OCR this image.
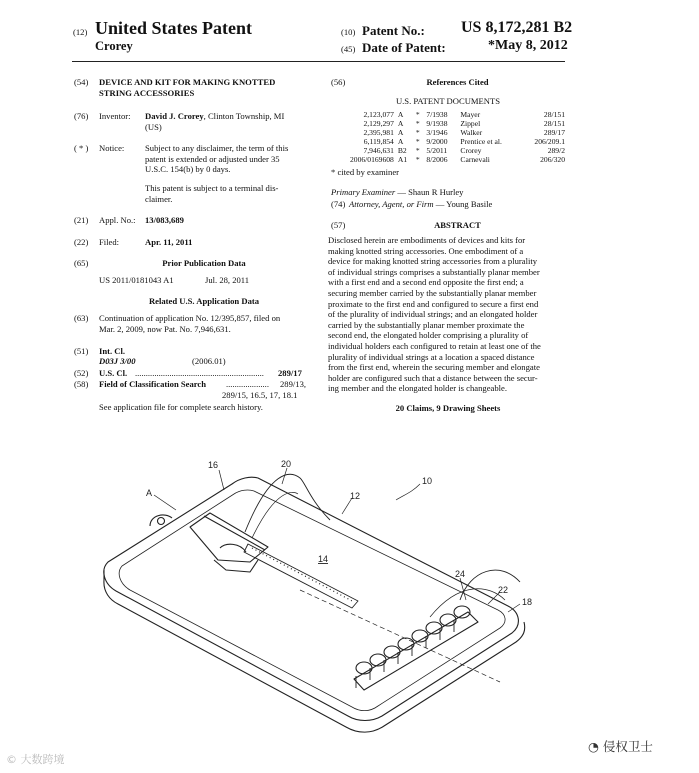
(12) United States Patent
Crorey
(10) Patent No.: US 8,172,281 B2
(45) Date of Patent:	*May 8, 2012
(54) DEVICE AND KIT FOR MAKING KNOTTED
STRING ACCESSORIES
(76) Inventor: David J. Crorey, Clinton Township, MI
(US)
( * ) Notice: Subject to any disclaimer, the term of this
patent is extended or adjusted under 35
U.S.C. 154(b) by 0 days.
This patent is subject to a terminal dis-
claimer.
(21) Appl. No.: 13/083,689
(22) Filed:	Apr. 11, 2011
(65)	Prior Publication Data
US 2011/0181043 A1	Jul. 28, 2011
Related U.S. Application Data
(63) Continuation of application No. 12/395,857, filed on
Mar. 2, 2009, now Pat. No. 7,946,631.
(51) Int. Cl.
D03J 3/00	(2006.01)
(52) U.S. Cl. ............................................................	289/17
(58) Field of Classification Search ....................	289/13,
289/15, 16.5, 17, 18.1
See application file for complete search history.
(56)	References Cited
U.S. PATENT DOCUMENTS
2,123,077	A	*	7/1938	Mayer	28/151
2,129,297	A	*	9/1938	Zippel	28/151
2,395,981	A	*	3/1946	Walker	289/17
6,119,854	A	*	9/2000	Prentice et al.	206/209.1
7,946,631	B2	*	5/2011	Crorey	289/2
2006/0169608	A1	*	8/2006	Carnevali	206/320
* cited by examiner
Primary Examiner — Shaun R Hurley
(74) Attorney, Agent, or Firm — Young Basile
(57)	ABSTRACT
Disclosed herein are embodiments of devices and kits for
making knotted string accessories. One embodiment of a
device for making knotted string accessories from a plurality
of individual strings comprises a substantially planar member
with a first end and a second end opposite the first end; a
securing member carried by the substantially planar member
proximate to the first end and configured to secure a first end
of the plurality of individual strings; and an elongated holder
carried by the substantially planar member proximate the
second end, the elongated holder comprising a plurality of
individual holders each configured to retain at least one of the
plurality of individual strings at a location a spaced distance
from the first end, wherein the securing member and elongate
holder are configured such that a distance between the secur-
ing member and the elongated holder is changeable.
20 Claims, 9 Drawing Sheets
16	20
10
A	12
14
24
22
18
© 大数跨境
◔ 侵权卫士
